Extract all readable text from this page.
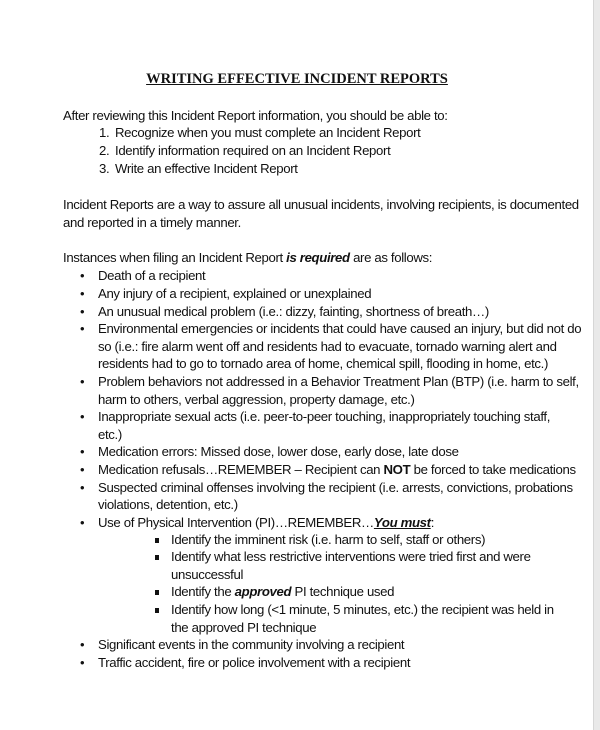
WRITING EFFECTIVE INCIDENT REPORTS
After reviewing this Incident Report information, you should be able to:
1. Recognize when you must complete an Incident Report
2. Identify information required on an Incident Report
3. Write an effective Incident Report
Incident Reports are a way to assure all unusual incidents, involving recipients, is documented
and reported in a timely manner.
Instances when filing an Incident Report is required are as follows:
• Death of a recipient
• Any injury of a recipient, explained or unexplained
• An unusual medical problem (i.e.: dizzy, fainting, shortness of breath…)
• Environmental emergencies or incidents that could have caused an injury, but did not do
so (i.e.: fire alarm went off and residents had to evacuate, tornado warning alert and
residents had to go to tornado area of home, chemical spill, flooding in home, etc.)
• Problem behaviors not addressed in a Behavior Treatment Plan (BTP) (i.e. harm to self,
harm to others, verbal aggression, property damage, etc.)
• Inappropriate sexual acts (i.e. peer-to-peer touching, inappropriately touching staff,
etc.)
• Medication errors: Missed dose, lower dose, early dose, late dose
• Medication refusals…REMEMBER – Recipient can NOT be forced to take medications
• Suspected criminal offenses involving the recipient (i.e. arrests, convictions, probations
violations, detention, etc.)
• Use of Physical Intervention (PI)…REMEMBER…You must:
Identify the imminent risk (i.e. harm to self, staff or others)
Identify what less restrictive interventions were tried first and were
unsuccessful
Identify the approved PI technique used
Identify how long (<1 minute, 5 minutes, etc.) the recipient was held in
the approved PI technique
• Significant events in the community involving a recipient
• Traffic accident, fire or police involvement with a recipient
